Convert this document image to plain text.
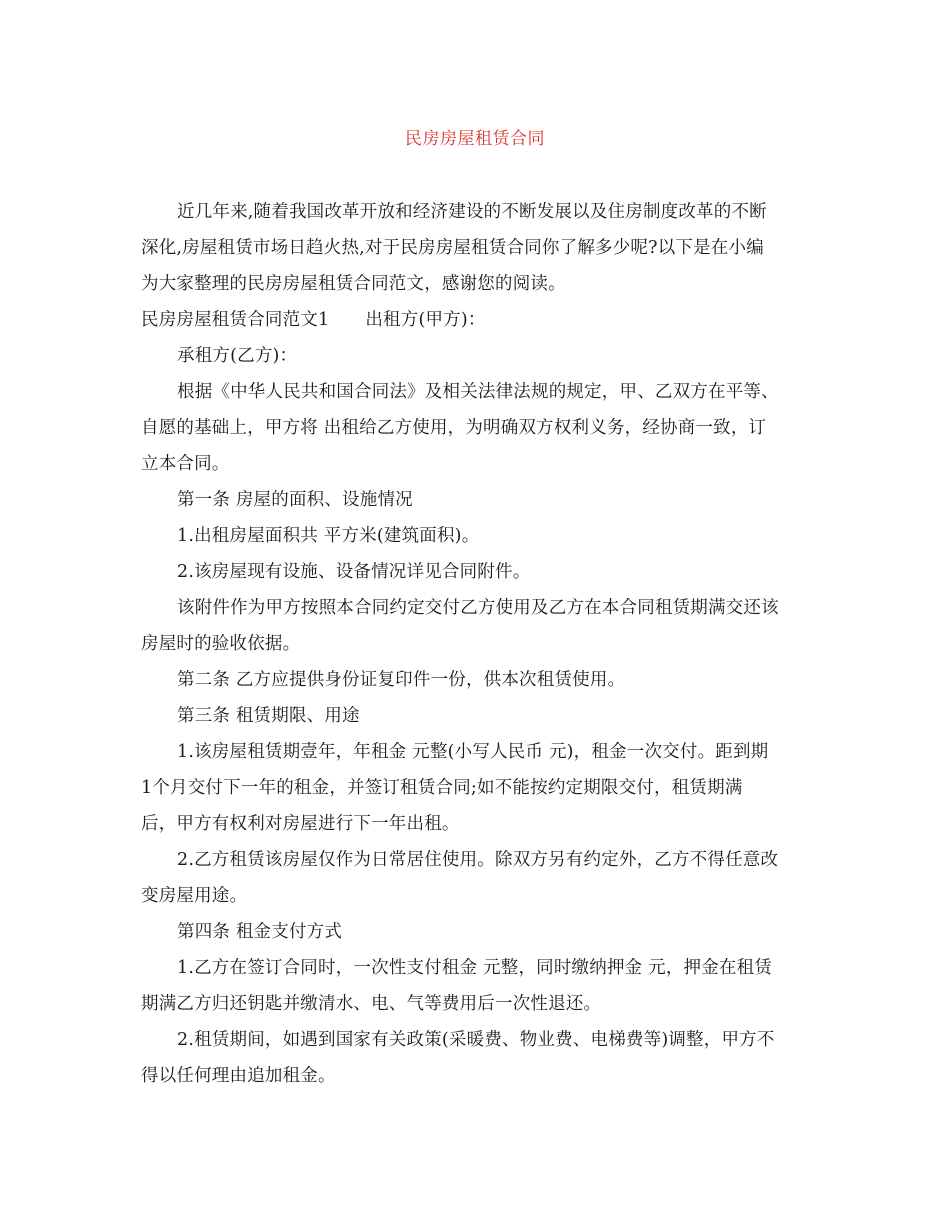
民房房屋租赁合同
近几年来,随着我国改革开放和经济建设的不断发展以及住房制度改革的不断
深化,房屋租赁市场日趋火热,对于民房房屋租赁合同你了解多少呢?以下是在小编
为大家整理的民房房屋租赁合同范文，感谢您的阅读。
民房房屋租赁合同范文1 出租方(甲方)：
承租方(乙方)：
根据《中华人民共和国合同法》及相关法律法规的规定，甲、乙双方在平等、
自愿的基础上，甲方将 出租给乙方使用，为明确双方权利义务，经协商一致，订
立本合同。
第一条 房屋的面积、设施情况
1.出租房屋面积共 平方米(建筑面积)。
2.该房屋现有设施、设备情况详见合同附件。
该附件作为甲方按照本合同约定交付乙方使用及乙方在本合同租赁期满交还该
房屋时的验收依据。
第二条 乙方应提供身份证复印件一份，供本次租赁使用。
第三条 租赁期限、用途
1.该房屋租赁期壹年，年租金 元整(小写人民币 元)，租金一次交付。距到期
1个月交付下一年的租金，并签订租赁合同;如不能按约定期限交付，租赁期满
后，甲方有权利对房屋进行下一年出租。
2.乙方租赁该房屋仅作为日常居住使用。除双方另有约定外，乙方不得任意改
变房屋用途。
第四条 租金支付方式
1.乙方在签订合同时，一次性支付租金 元整，同时缴纳押金 元，押金在租赁
期满乙方归还钥匙并缴清水、电、气等费用后一次性退还。
2.租赁期间，如遇到国家有关政策(采暖费、物业费、电梯费等)调整，甲方不
得以任何理由追加租金。
